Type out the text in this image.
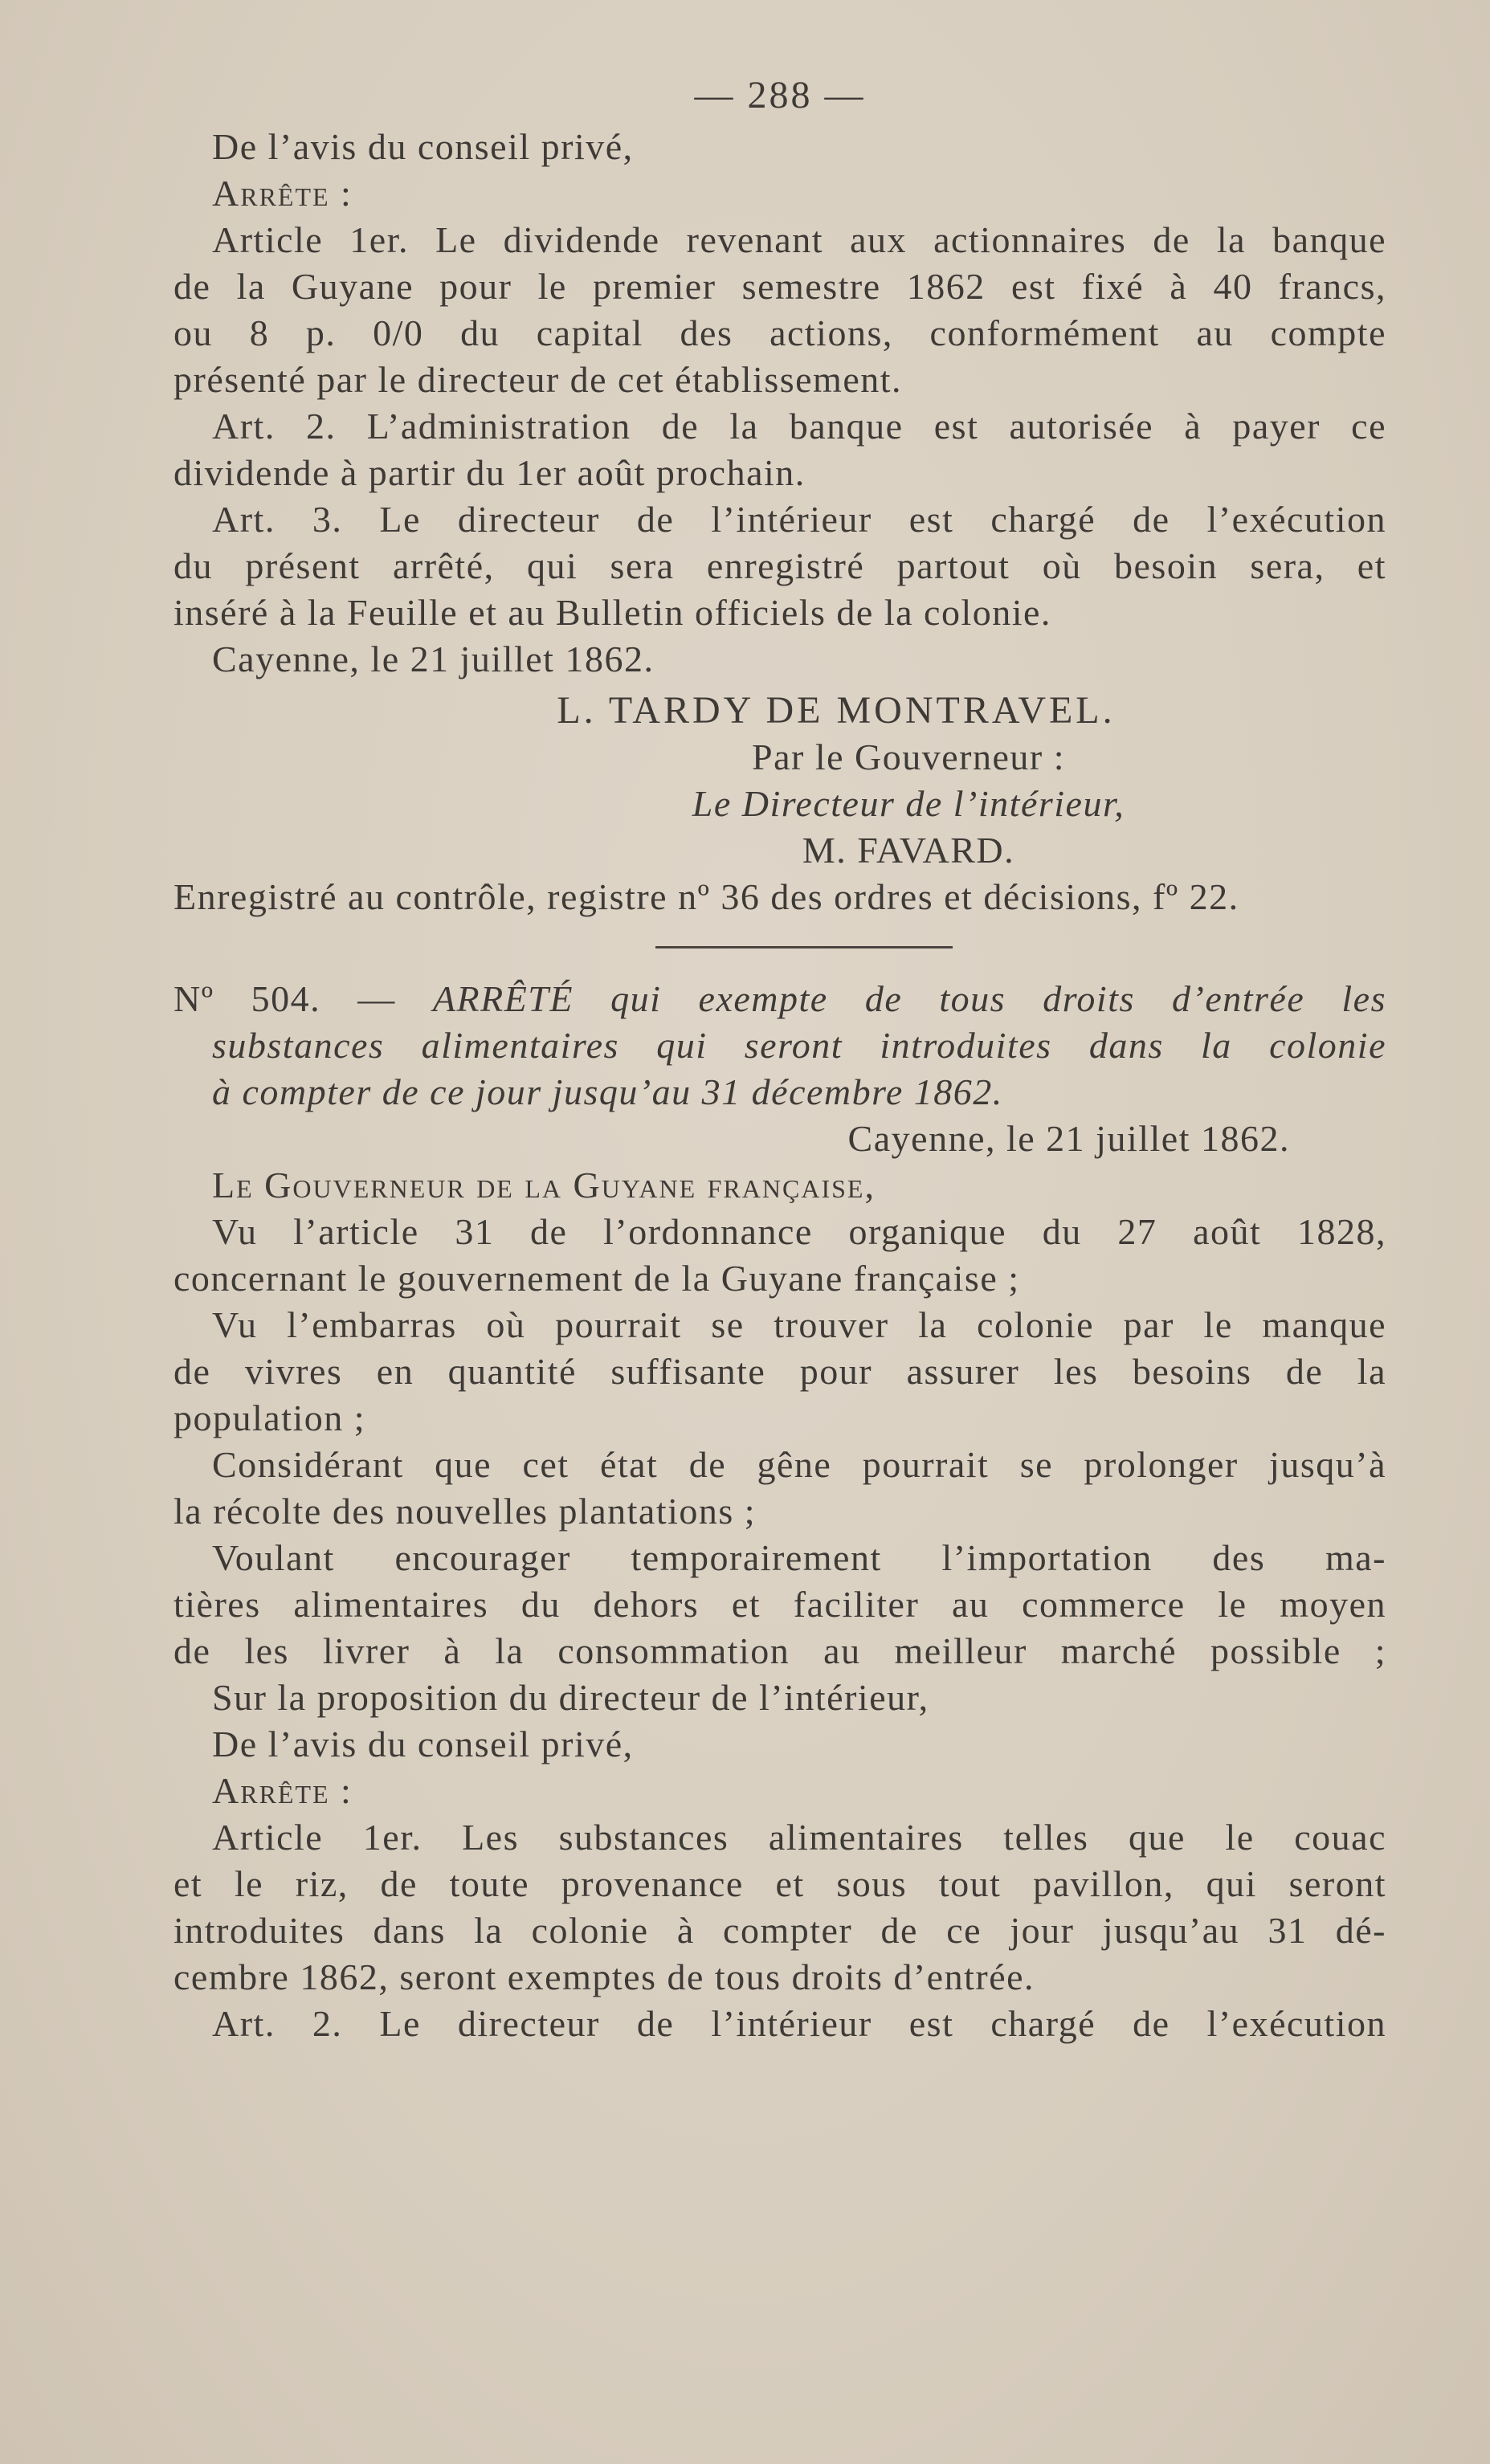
— 288 —
De l’avis du conseil privé,
Arrête :
Article 1er. Le dividende revenant aux actionnaires de la banque
de la Guyane pour le premier semestre 1862 est fixé à 40 francs,
ou 8 p. 0/0 du capital des actions, conformément au compte
présenté par le directeur de cet établissement.
Art. 2. L’administration de la banque est autorisée à payer ce
dividende à partir du 1er août prochain.
Art. 3. Le directeur de l’intérieur est chargé de l’exécution
du présent arrêté, qui sera enregistré partout où besoin sera, et
inséré à la Feuille et au Bulletin officiels de la colonie.
Cayenne, le 21 juillet 1862.
L. TARDY DE MONTRAVEL.
Par le Gouverneur :
Le Directeur de l’intérieur,
M. FAVARD.
Enregistré au contrôle, registre nº 36 des ordres et décisions, fº 22.
Nº 504. — ARRÊTÉ qui exempte de tous droits d’entrée les
substances alimentaires qui seront introduites dans la colonie
à compter de ce jour jusqu’au 31 décembre 1862.
Cayenne, le 21 juillet 1862.
Le Gouverneur de la Guyane française,
Vu l’article 31 de l’ordonnance organique du 27 août 1828,
concernant le gouvernement de la Guyane française ;
Vu l’embarras où pourrait se trouver la colonie par le manque
de vivres en quantité suffisante pour assurer les besoins de la
population ;
Considérant que cet état de gêne pourrait se prolonger jusqu’à
la récolte des nouvelles plantations ;
Voulant encourager temporairement l’importation des ma-
tières alimentaires du dehors et faciliter au commerce le moyen
de les livrer à la consommation au meilleur marché possible ;
Sur la proposition du directeur de l’intérieur,
De l’avis du conseil privé,
Arrête :
Article 1er. Les substances alimentaires telles que le couac
et le riz, de toute provenance et sous tout pavillon, qui seront
introduites dans la colonie à compter de ce jour jusqu’au 31 dé-
cembre 1862, seront exemptes de tous droits d’entrée.
Art. 2. Le directeur de l’intérieur est chargé de l’exécution
